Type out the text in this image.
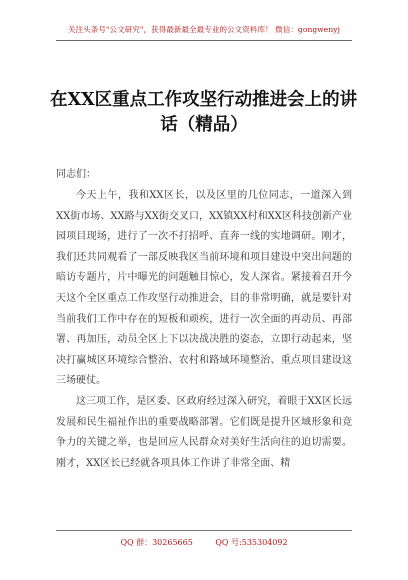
关注头条号"公文研究"，获得最新最全最专业的公文资料库！ 微信：gongwenyj
在XX区重点工作攻坚行动推进会上的讲
话（精品）
同志们：

今天上午，我和XX区长，以及区里的几位同志，一道深入到XX街市场、XX路与XX街交叉口，XX镇XX村和XX区科技创新产业园项目现场，进行了一次不打招呼、直奔一线的实地调研。刚才，我们还共同观看了一部反映我区当前环境和项目建设中突出问题的暗访专题片，片中曝光的问题触目惊心，发人深省。紧接着召开今天这个全区重点工作攻坚行动推进会，目的非常明确，就是要针对当前我们工作中存在的短板和顽疾，进行一次全面的再动员、再部署、再加压，动员全区上下以决战决胜的姿态，立即行动起来，坚决打赢城区环境综合整治、农村和路域环境整治、重点项目建设这三场硬仗。

这三项工作，是区委、区政府经过深入研究，着眼于XX区长远发展和民生福祉作出的重要战略部署。它们既是提升区域形象和竞争力的关键之举，也是回应人民群众对美好生活向往的迫切需要。刚才，XX区长已经就各项具体工作讲了非常全面、精

QQ 群：30265665	QQ 号:535304092
